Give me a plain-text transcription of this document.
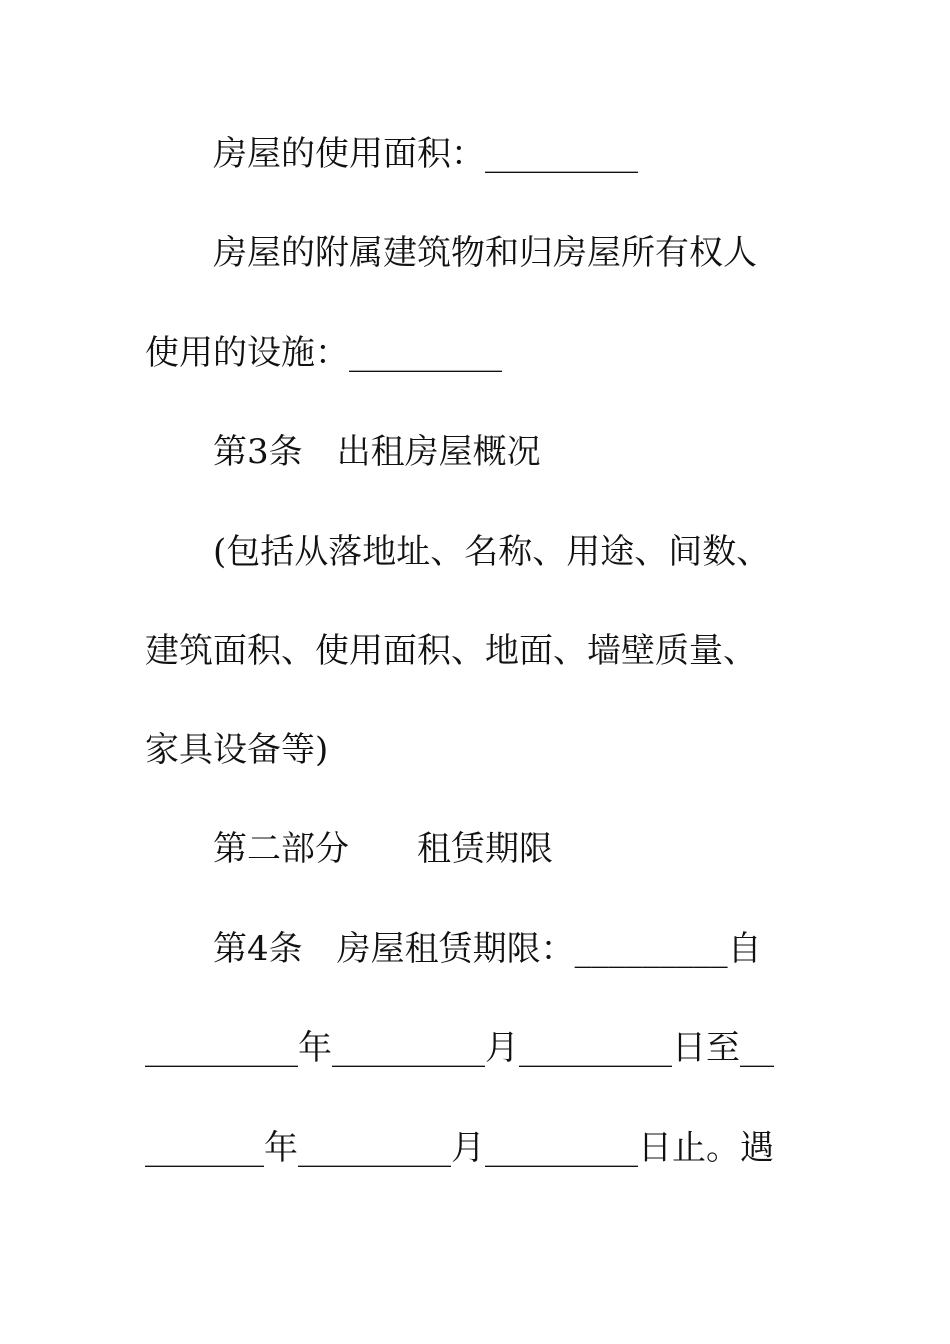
　　房屋的使用面积：_________
　　房屋的附属建筑物和归房屋所有权人
使用的设施：_________
　　第3条　出租房屋概况
　　(包括从落地址、名称、用途、间数、
建筑面积、使用面积、地面、墙壁质量、
家具设备等)
　　第二部分　　租赁期限
　　第4条　房屋租赁期限：_________自
_________年_________月_________日至__
_______年_________月_________日止。遇
